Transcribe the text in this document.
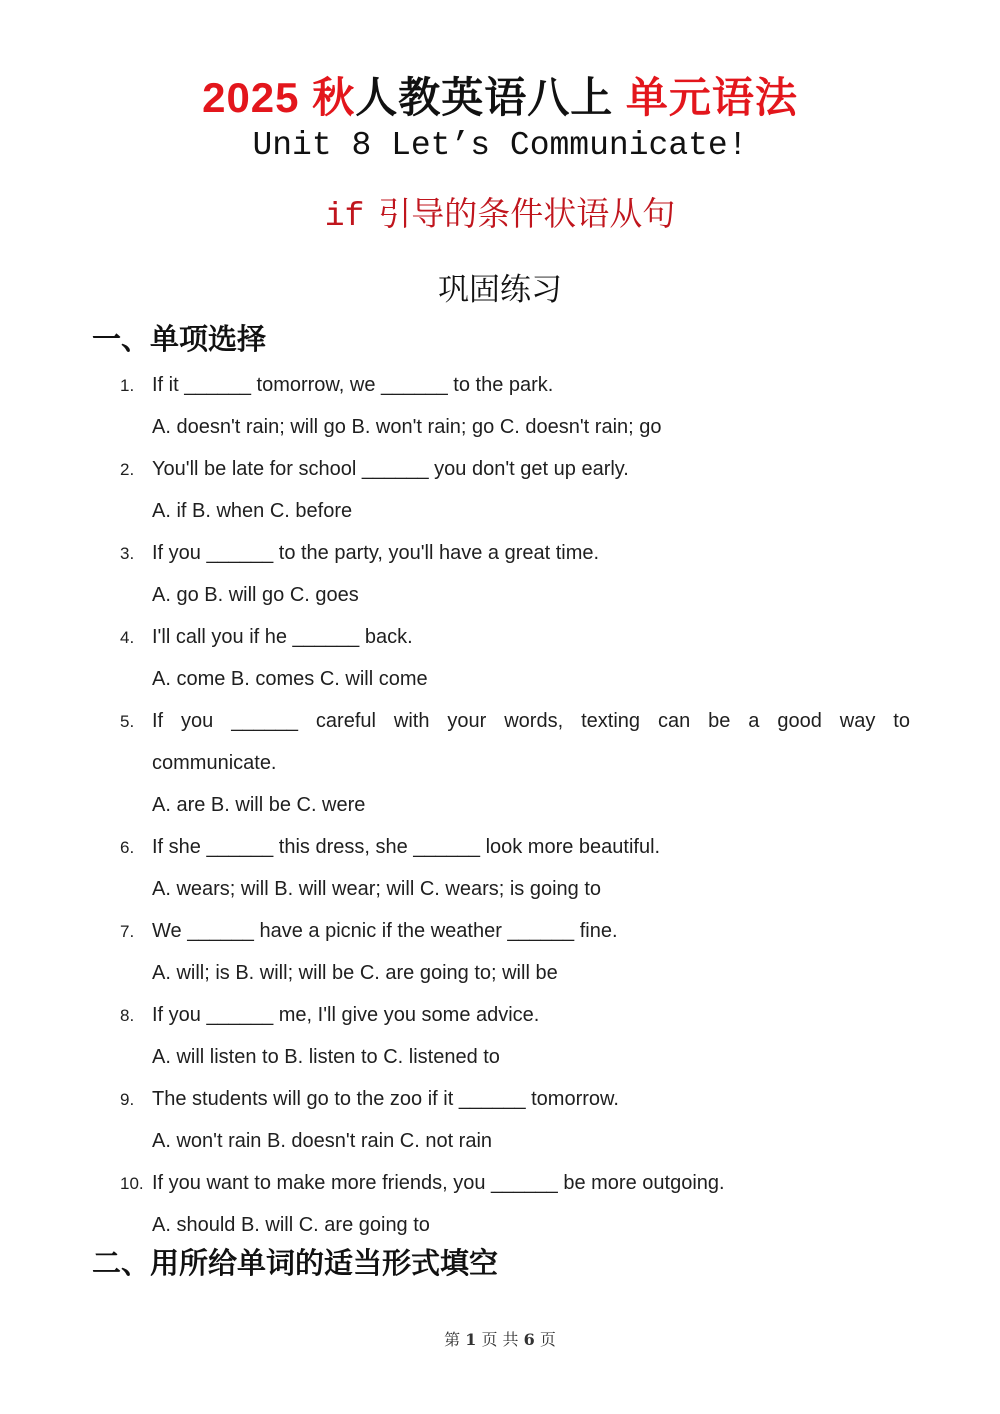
2025 秋人教英语八上 单元语法
Unit 8 Let’s Communicate!
if 引导的条件状语从句
巩固练习
一、单项选择
1. If it ______ tomorrow, we ______ to the park.
A. doesn't rain; will go B. won't rain; go C. doesn't rain; go
2. You'll be late for school ______ you don't get up early.
A. if B. when C. before
3. If you ______ to the party, you'll have a great time.
A. go B. will go C. goes
4. I'll call you if he ______ back.
A. come B. comes C. will come
5. If you ______ careful with your words, texting can be a good way to
communicate.
A. are B. will be C. were
6. If she ______ this dress, she ______ look more beautiful.
A. wears; will B. will wear; will C. wears; is going to
7. We ______ have a picnic if the weather ______ fine.
A. will; is B. will; will be C. are going to; will be
8. If you ______ me, I'll give you some advice.
A. will listen to B. listen to C. listened to
9. The students will go to the zoo if it ______ tomorrow.
A. won't rain B. doesn't rain C. not rain
10. If you want to make more friends, you ______ be more outgoing.
A. should B. will C. are going to
二、用所给单词的适当形式填空
第 1 页 共 6 页
